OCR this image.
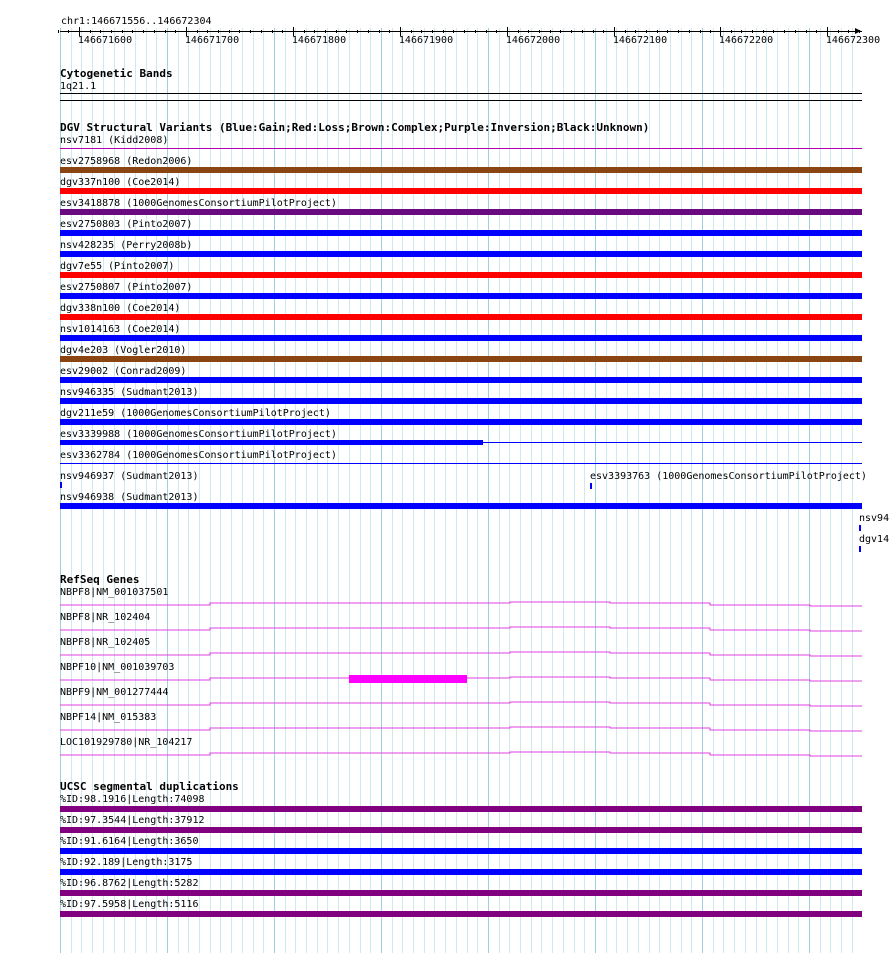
chr1:146671556..146672304
146671600	146671700	146671800	146671900	146672000	146672100	146672200	146672300
Cytogenetic Bands
1q21.1
DGV Structural Variants (Blue:Gain;Red:Loss;Brown:Complex;Purple:Inversion;Black:Unknown)
nsv7181 (Kidd2008)
esv2758968 (Redon2006)
dgv337n100 (Coe2014)
esv3418878 (1000GenomesConsortiumPilotProject)
esv2750803 (Pinto2007)
nsv428235 (Perry2008b)
dgv7e55 (Pinto2007)
esv2750807 (Pinto2007)
dgv338n100 (Coe2014)
nsv1014163 (Coe2014)
dgv4e203 (Vogler2010)
esv29002 (Conrad2009)
nsv946335 (Sudmant2013)
dgv211e59 (1000GenomesConsortiumPilotProject)
esv3339988 (1000GenomesConsortiumPilotProject)
esv3362784 (1000GenomesConsortiumPilotProject)
nsv946937 (Sudmant2013)
nsv946938 (Sudmant2013)
esv3393763 (1000GenomesConsortiumPilotProject)
nsv94
dgv14
RefSeq Genes
NBPF8|NM_001037501
NBPF8|NR_102404
NBPF8|NR_102405
NBPF10|NM_001039703
NBPF9|NM_001277444
NBPF14|NM_015383
LOC101929780|NR_104217
UCSC segmental duplications
%ID:98.1916|Length:74098
%ID:97.3544|Length:37912
%ID:91.6164|Length:3650
%ID:92.189|Length:3175
%ID:96.8762|Length:5282
%ID:97.5958|Length:5116
